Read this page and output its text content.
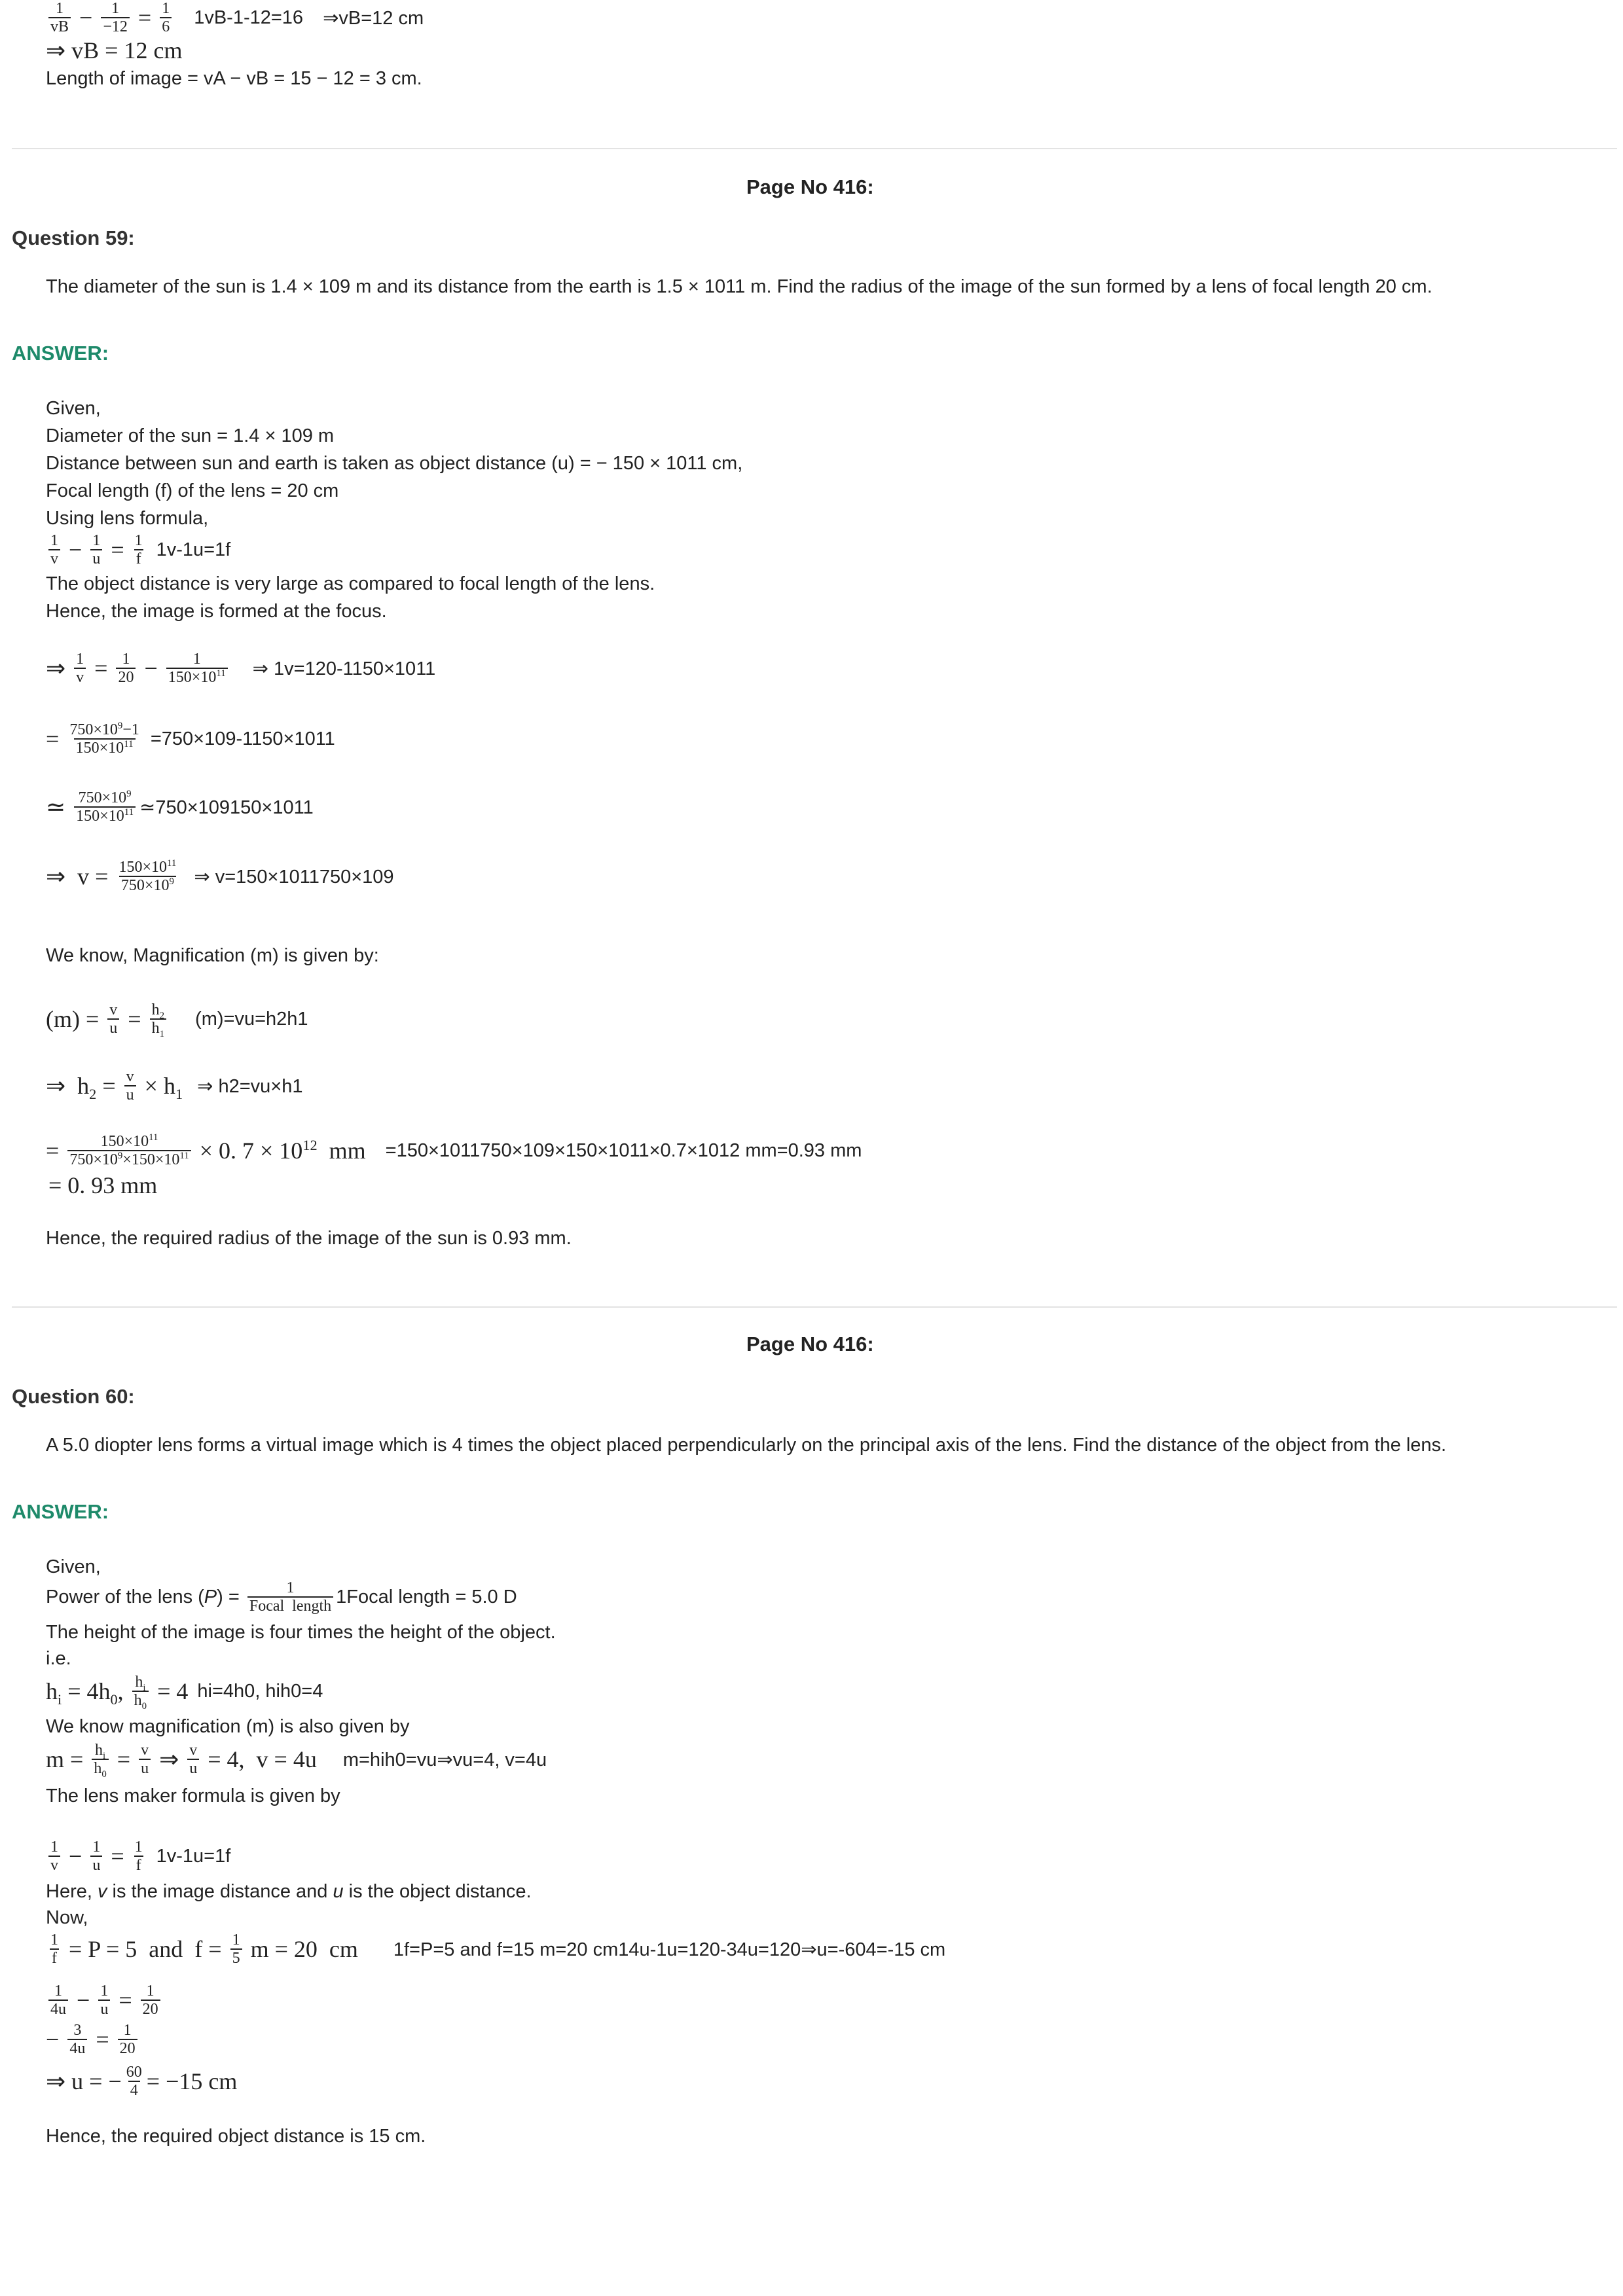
$\frac{1}{vB} - \frac{1}{-12} = \frac{1}{6} 1vB-1-12=16$ ⇒vB=12 cm
⇒ vB = 12 cm
Length of image = vA − vB = 15 − 12 = 3 cm.
Page No 416:
Question 59:
The diameter of the sun is 1.4 × 109 m and its distance from the earth is 1.5 × 1011 m. Find the radius of the image of the sun formed by a lens of focal length 20 cm.
ANSWER:
Given,
Diameter of the sun = 1.4 × 109 m
Distance between sun and earth is taken as object distance (u) = − 150 × 1011 cm,
Focal length (f) of the lens = 20 cm
Using lens formula,
$\frac{1}{v} - \frac{1}{u} = \frac{1}{f} 1v-1u=1f$
The object distance is very large as compared to focal length of the lens.
Hence, the image is formed at the focus.
⇒ $\frac{1}{v} = \frac{1}{20} - \frac{1}{150\times 10^{11}}$ ⇒ 1v=120-1150×1011
= $\frac{750\times 10^9-1}{150\times 10^{11}} =750\times 109-1150\times 1011$
≃ $\frac{750\times 10^9}{150\times 10^{11}}$ ≃750×109150×1011
⇒  $v = \frac{150\times 10^{11}}{750\times 10^9}$ ⇒ v=150×1011750×109
We know, Magnification (m) is given by:
$(m) = \frac{v}{u} = \frac{h_2}{h_1} (m)=vu=h2h1$
⇒  $h_2 = \frac{v}{u} \times h_1$ ⇒ h2=vu×h1
= $\frac{150\times 10^{11}}{750\times 10^9\times 150\times 10^{11}} \times 0$. $7 \times 10^{12}$  mm =150×1011750×109×150×1011×0.7×1012 mm=0.93 mm
= 0. 93 mm
Hence, the required radius of the image of the sun is 0.93 mm.
Page No 416:
Question 60:
A 5.0 diopter lens forms a virtual image which is 4 times the object placed perpendicularly on the principal axis of the lens. Find the distance of the object from the lens.
ANSWER:
Given,
Power of the lens $(P) = \frac{1}{\text{Focal  length}}$ 1Focal length = 5.0 D
The height of the image is four times the height of the object.
i.e.
$h_i = 4h_0$, $\frac{h_i}{h_0} = 4$ hi=4h0, hih0=4
We know magnification (m) is also given by
$m = \frac{h_i}{h_0} = \frac{v}{u}$ ⇒ $\frac{v}{u} = 4$,  v = 4u m=hih0=vu⇒vu=4, v=4u
The lens maker formula is given by
$\frac{1}{v} - \frac{1}{u} = \frac{1}{f} 1v-1u=1f$
Here, v is the image distance and u is the object distance.
Now,
$\frac{1}{f} = P = 5$  and  $f = \frac{1}{5}$ m = 20  cm 1f=P=5 and f=15 m=20 cm14u-1u=120-34u=120⇒u=-604=-15 cm
$\frac{1}{4u} - \frac{1}{u} = \frac{1}{20}$
− $\frac{3}{4u} = \frac{1}{20}$
⇒ u = − $\frac{60}{4} = -15$ cm
Hence, the required object distance is 15 cm.
